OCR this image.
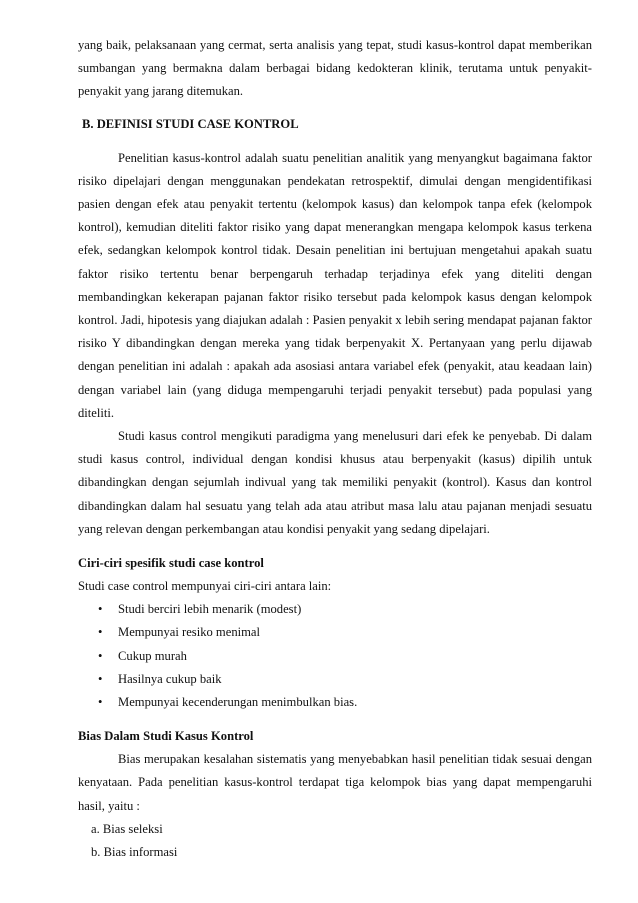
yang baik, pelaksanaan yang cermat, serta analisis yang tepat, studi kasus-kontrol dapat memberikan sumbangan yang bermakna dalam berbagai bidang kedokteran klinik, terutama untuk penyakit-penyakit yang jarang ditemukan.

B. DEFINISI STUDI CASE KONTROL

Penelitian kasus-kontrol adalah suatu penelitian analitik yang menyangkut bagaimana faktor risiko dipelajari dengan menggunakan pendekatan retrospektif, dimulai dengan mengidentifikasi pasien dengan efek atau penyakit tertentu (kelompok kasus) dan kelompok tanpa efek (kelompok kontrol), kemudian diteliti faktor risiko yang dapat menerangkan mengapa kelompok kasus terkena efek, sedangkan kelompok kontrol tidak. Desain penelitian ini bertujuan mengetahui apakah suatu faktor risiko tertentu benar berpengaruh terhadap terjadinya efek yang diteliti dengan membandingkan kekerapan pajanan faktor risiko tersebut pada kelompok kasus dengan kelompok kontrol. Jadi, hipotesis yang diajukan adalah : Pasien penyakit x lebih sering mendapat pajanan faktor risiko Y dibandingkan dengan mereka yang tidak berpenyakit X. Pertanyaan yang perlu dijawab dengan penelitian ini adalah : apakah ada asosiasi antara variabel efek (penyakit, atau keadaan lain) dengan variabel lain (yang diduga mempengaruhi terjadi penyakit tersebut) pada populasi yang diteliti.

Studi kasus control mengikuti paradigma yang menelusuri dari efek ke penyebab. Di dalam studi kasus control, individual dengan kondisi khusus atau berpenyakit (kasus) dipilih untuk dibandingkan dengan sejumlah indivual yang tak memiliki penyakit (kontrol). Kasus dan kontrol dibandingkan dalam hal sesuatu yang telah ada atau atribut masa lalu atau pajanan menjadi sesuatu yang relevan dengan perkembangan atau kondisi penyakit yang sedang dipelajari.

Ciri-ciri spesifik studi case kontrol

Studi case control mempunyai ciri-ciri antara lain:

• Studi berciri lebih menarik (modest)
• Mempunyai resiko menimal
• Cukup murah
• Hasilnya cukup baik
• Mempunyai kecenderungan menimbulkan bias.
Bias Dalam Studi Kasus Kontrol

Bias merupakan kesalahan sistematis yang menyebabkan hasil penelitian tidak sesuai dengan kenyataan. Pada penelitian kasus-kontrol terdapat tiga kelompok bias yang dapat mempengaruhi hasil, yaitu :

a. Bias seleksi
b. Bias informasi
